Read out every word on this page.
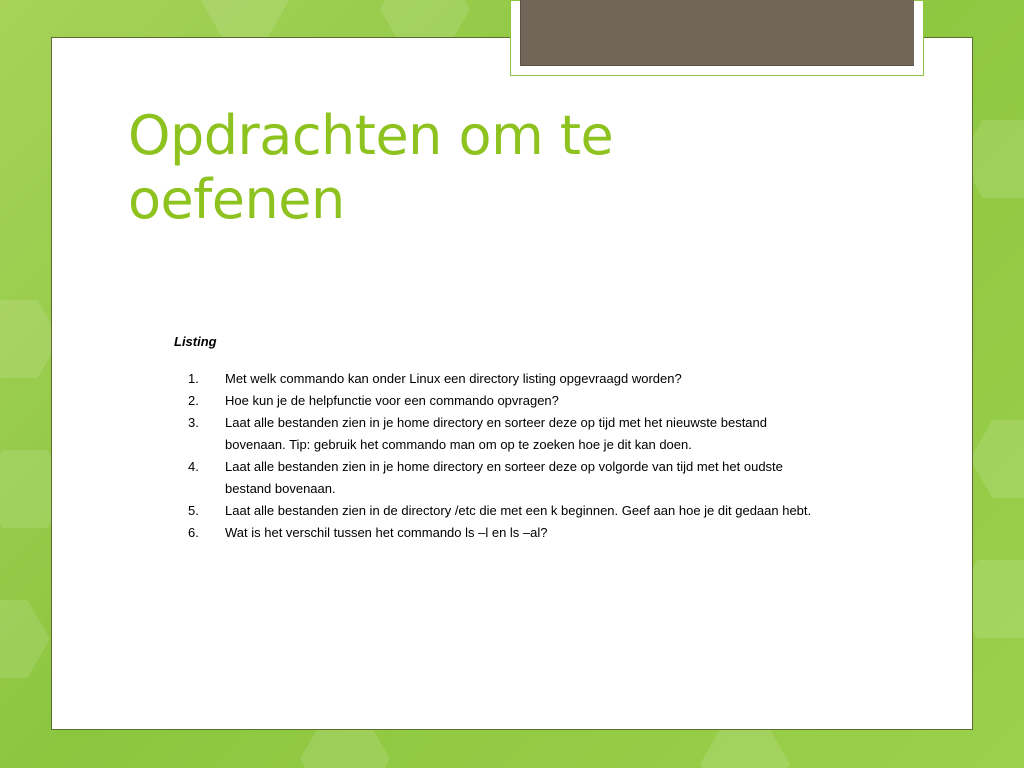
Opdrachten om te oefenen

Listing

1.	Met welk commando kan onder Linux een directory listing opgevraagd worden?
2.	Hoe kun je de helpfunctie voor een commando opvragen?
3.	Laat alle bestanden zien in je home directory en sorteer deze op tijd met het nieuwste bestand bovenaan. Tip: gebruik het commando man om op te zoeken hoe je dit kan doen.
4.	Laat alle bestanden zien in je home directory en sorteer deze op volgorde van tijd met het oudste bestand bovenaan.
5.	Laat alle bestanden zien in de directory /etc die met een k beginnen. Geef aan hoe je dit gedaan hebt.
6.	Wat is het verschil tussen het commando ls –l en ls –al?
